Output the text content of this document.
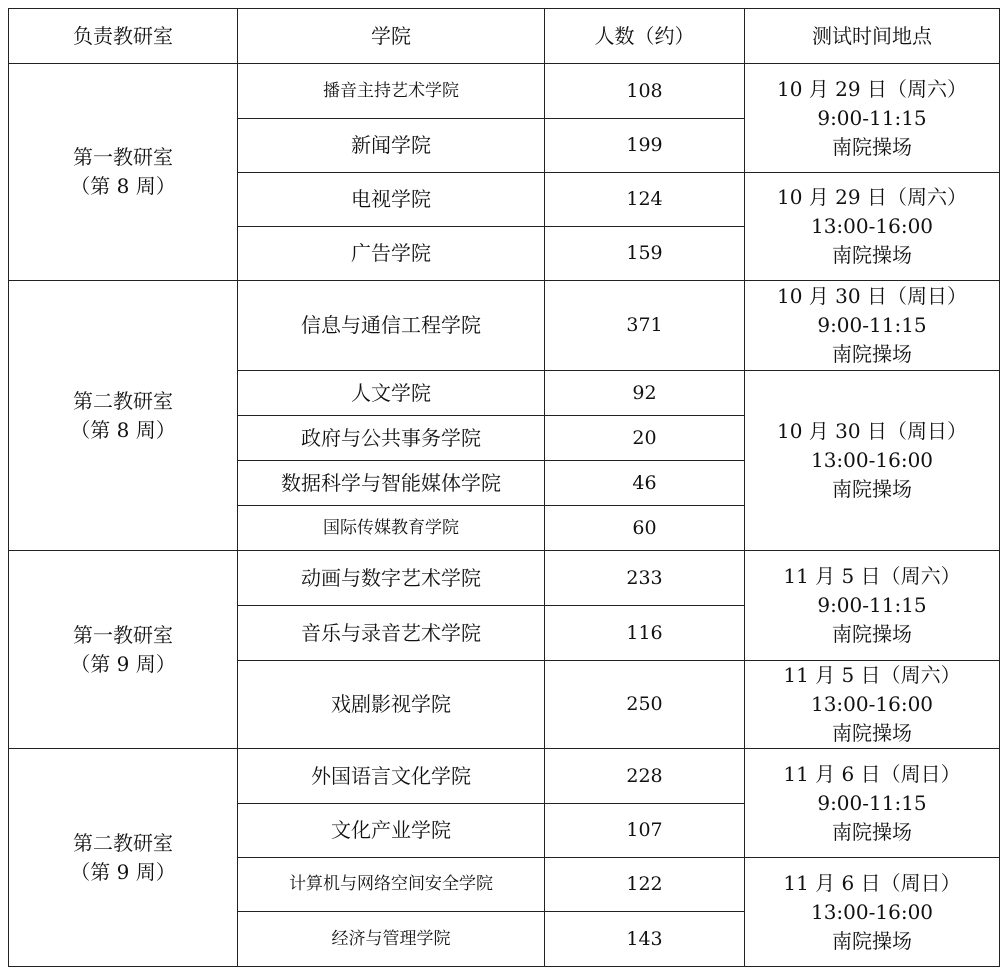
负责教研室	学院	人数（约）	测试时间地点

第一教研室
（第 8 周）	播音主持艺术学院	108	10 月 29 日（周六）
9:00-11:15
南院操场

	新闻学院	199	
	电视学院	124	10 月 29 日（周六）
13:00-16:00
南院操场

	广告学院	159	

第二教研室
（第 8 周）	信息与通信工程学院	371	10 月 30 日（周日）
9:00-11:15
南院操场

	人文学院	92	10 月 30 日（周日）
13:00-16:00
南院操场

	政府与公共事务学院	20	
	数据科学与智能媒体学院	46	
	国际传媒教育学院	60	

第一教研室
（第 9 周）	动画与数字艺术学院	233	11 月 5 日（周六）
9:00-11:15
南院操场

	音乐与录音艺术学院	116	
	戏剧影视学院	250	11 月 5 日（周六）
13:00-16:00
南院操场

第二教研室
（第 9 周）	外国语言文化学院	228	11 月 6 日（周日）
9:00-11:15
南院操场

	文化产业学院	107	
	计算机与网络空间安全学院	122	11 月 6 日（周日）
13:00-16:00
南院操场

	经济与管理学院	143	
